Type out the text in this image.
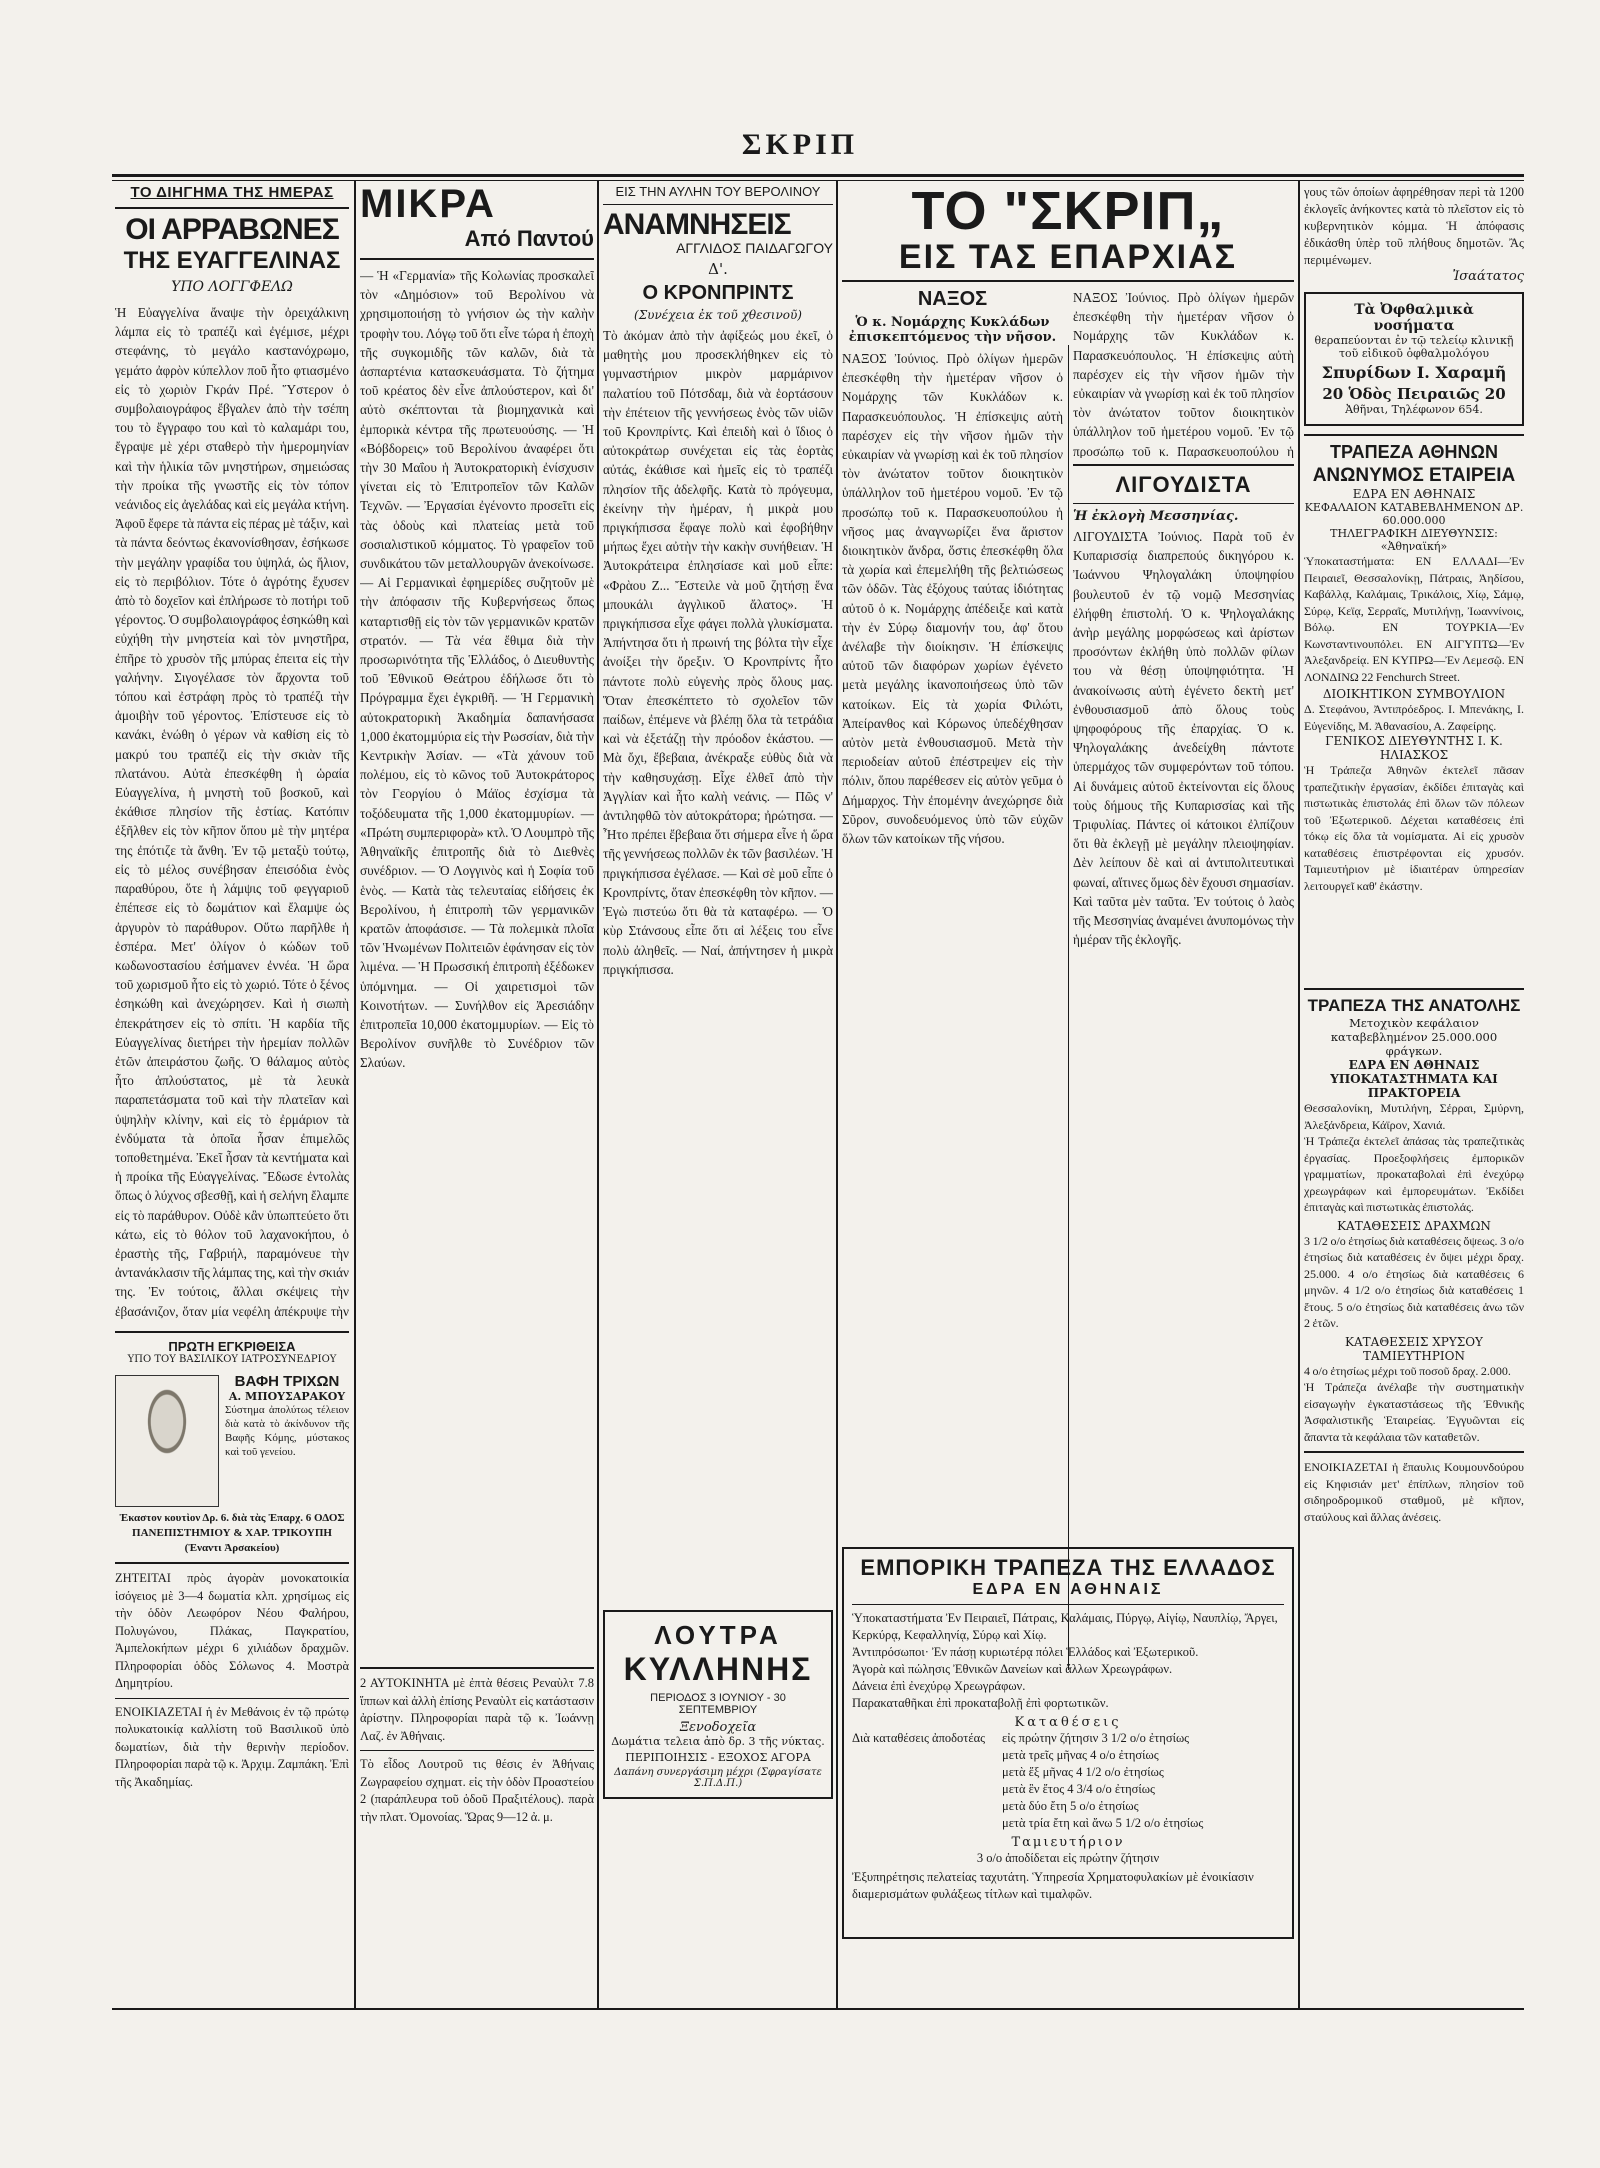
ΣΚΡΙΠ
ΤΟ ΔΙΗΓΗΜΑ ΤΗΣ ΗΜΕΡΑΣ
ΟΙ ΑΡΡΑΒΩΝΕΣ
ΤΗΣ ΕΥΑΓΓΕΛΙΝΑΣ
ΥΠΟ ΛΟΓΓΦΕΛΩ
Ἡ Εὐαγγελίνα ἄναψε τὴν ὀρειχάλκινη λάμπα εἰς τὸ τραπέζι καὶ ἐγέμισε, μέχρι στεφάνης, τὸ μεγάλο καστανόχρωμο, γεμάτο ἀφρὸν κύπελλον ποῦ ἦτο φτιασμένο εἰς τὸ χωριὸν Γκράν Πρέ. Ὕστερον ὁ συμβολαιογράφος ἔβγαλεν ἀπὸ τὴν τσέπη του τὸ ἔγγραφο του καὶ τὸ καλαμάρι του, ἔγραψε μὲ χέρι σταθερὸ τὴν ἡμερομηνίαν καὶ τὴν ἡλικία τῶν μνηστήρων, σημειώσας τὴν προίκα τῆς γνωστῆς εἰς τὸν τόπον νεάνιδος εἰς ἀγελάδας καὶ εἰς μεγάλα κτήνη. Ἀφοῦ ἔφερε τὰ πάντα εἰς πέρας μὲ τάξιν, καὶ τὰ πάντα δεόντως ἐκανονίσθησαν, ἐσήκωσε τὴν μεγάλην γραφίδα του ὑψηλά, ὡς ἥλιον, εἰς τὸ περιβόλιον. Τότε ὁ ἀγρότης ἔχυσεν ἀπὸ τὸ δοχεῖον καὶ ἐπλήρωσε τὸ ποτήρι τοῦ γέροντος. Ὁ συμβολαιογράφος ἐσηκώθη καὶ εὐχήθη τὴν μνηστεία καὶ τὸν μνηστῆρα, ἐπῆρε τὸ χρυσὸν τῆς μπύρας ἐπειτα εἰς τὴν γαλήνην. Σιγογέλασε τὸν ἄρχοντα τοῦ τόπου καὶ ἐστράφη πρὸς τὸ τραπέζι τὴν ἀμοιβὴν τοῦ γέροντος. Ἐπίστευσε εἰς τὸ κανάκι, ἑνώθη ὁ γέρων νὰ καθίση εἰς τὸ μακρύ του τραπέζι εἰς τὴν σκιὰν τῆς πλατάνου. Αὐτὰ ἐπεσκέφθη ἡ ὡραία Εὐαγγελίνα, ἡ μνηστὴ τοῦ βοσκοῦ, καὶ ἐκάθισε πλησίον τῆς ἑστίας. Κατόπιν ἐξῆλθεν εἰς τὸν κῆπον ὅπου μὲ τὴν μητέρα της ἐπότιζε τὰ ἄνθη. Ἐν τῷ μεταξὺ τούτῳ, εἰς τὸ μέλος συνέβησαν ἐπεισόδια ἑνὸς παραθύρου, ὅτε ἡ λάμψις τοῦ φεγγαριοῦ ἐπέπεσε εἰς τὸ δωμάτιον καὶ ἔλαμψε ὡς ἀργυρὸν τὸ παράθυρον. Οὕτω παρῆλθε ἡ ἑσπέρα. Μετ' ὀλίγον ὁ κώδων τοῦ κωδωνοστασίου ἐσήμανεν ἐννέα. Ἡ ὥρα τοῦ χωρισμοῦ ἦτο εἰς τὸ χωριό. Τότε ὁ ξένος ἐσηκώθη καὶ ἀνεχώρησεν. Καὶ ἡ σιωπὴ ἐπεκράτησεν εἰς τὸ σπίτι. Ἡ καρδία τῆς Εὐαγγελίνας διετήρει τὴν ἠρεμίαν πολλῶν ἐτῶν ἀπειράστου ζωῆς. Ὁ θάλαμος αὐτὸς ἦτο ἁπλούστατος, μὲ τὰ λευκὰ παραπετάσματα τοῦ καὶ τὴν πλατεῖαν καὶ ὑψηλὴν κλίνην, καὶ εἰς τὸ ἐρμάριον τὰ ἐνδύματα τὰ ὁποῖα ἦσαν ἐπιμελῶς τοποθετημένα. Ἐκεῖ ἦσαν τὰ κεντήματα καὶ ἡ προίκα τῆς Εὐαγγελίνας. Ἔδωσε ἐντολὰς ὅπως ὁ λύχνος σβεσθῇ, καὶ ἡ σελήνη ἔλαμπε εἰς τὸ παράθυρον. Οὐδὲ κἂν ὑπωπτεύετο ὅτι κάτω, εἰς τὸ θόλον τοῦ λαχανοκήπου, ὁ ἐραστὴς τῆς, Γαβριήλ, παραμόνευε τὴν ἀντανάκλασιν τῆς λάμπας της, καὶ τὴν σκιάν της. Ἐν τούτοις, ἄλλαι σκέψεις τὴν ἐβασάνιζον, ὅταν μία νεφέλη ἀπέκρυψε τὴν
ΠΡΩΤΗ ΕΓΚΡΙΘΕΙΣΑ
ΥΠΟ ΤΟΥ ΒΑΣΙΛΙΚΟΥ ΙΑΤΡΟΣΥΝΕΔΡΙΟΥ
ΒΑΦΗ ΤΡΙΧΩΝ
Α. ΜΠΟΥΣΑΡΑΚΟΥ
Σύστημα ἀπολύτως τέλειον διὰ κατὰ τὸ ἀκίνδυνον τῆς Βαφῆς Κόμης, μύστακος καὶ τοῦ γενείου.
Ἐκαστον κουτὶον Δρ. 6. διὰ τὰς Ἐπαρχ. 6 ΟΔΟΣ ΠΑΝΕΠΙΣΤΗΜΙΟΥ & ΧΑΡ. ΤΡΙΚΟΥΠΗ (Ἐναντι Ἀρσακείου)
ΖΗΤΕΙΤΑΙ πρὸς ἀγορὰν μονοκατοικία ἰσόγειος μὲ 3—4 δωματία κλπ. χρησίμως εἰς τὴν ὁδὸν Λεωφόρον Νέου Φαλήρου, Πολυγώνου, Πλάκας, Παγκρατίου, Ἀμπελοκήπων μέχρι 6 χιλιάδων δραχμῶν. Πληροφορίαι ὁδὸς Σόλωνος 4. Μοστρὰ Δημητρίου.
ΕΝΟΙΚΙΑΖΕΤΑΙ ἡ ἐν Μεθάνοις ἐν τῷ πρώτῳ πολυκατοικίᾳ καλλίστη τοῦ Βασιλικοῦ ὑπὸ δωματίων, διὰ τὴν θερινὴν περίοδον. Πληροφορίαι παρὰ τῷ κ. Ἀρχιμ. Ζαμπάκη. Ἐπὶ τῆς Ἀκαδημίας.
ΜΙΚΡΑ
Από Παντού
— Ἡ «Γερμανία» τῆς Κολωνίας προσκαλεῖ τὸν «Δημόσιον» τοῦ Βερολίνου νὰ χρησιμοποιήσῃ τὸ γνήσιον ὡς τὴν καλὴν τροφὴν του. Λόγῳ τοῦ ὅτι εἶνε τώρα ἡ ἐποχὴ τῆς συγκομιδῆς τῶν καλῶν, διὰ τὰ ἀσπαρτένια κατασκευάσματα. Τὸ ζήτημα τοῦ κρέατος δὲν εἶνε ἀπλούστερον, καὶ δι' αὐτὸ σκέπτονται τὰ βιομηχανικὰ καὶ ἐμπορικὰ κέντρα τῆς πρωτευούσης. — Ἡ «Βόβδορεις» τοῦ Βερολίνου ἀναφέρει ὅτι τὴν 30 Μαΐου ἡ Ἀυτοκρατορικὴ ἐνίσχυσιν γίνεται εἰς τὸ Ἐπιτροπεῖον τῶν Καλῶν Τεχνῶν. — Ἐργασίαι ἐγένοντο προσεῖτι εἰς τὰς ὁδοὺς καὶ πλατείας μετὰ τοῦ σοσιαλιστικοῦ κόμματος. Τὸ γραφεῖον τοῦ συνδικάτου τῶν μεταλλουργῶν ἀνεκοίνωσε. — Αἱ Γερμανικαὶ ἐφημερίδες συζητοῦν μὲ τὴν ἀπόφασιν τῆς Κυβερνήσεως ὅπως καταρτισθῇ εἰς τὸν τῶν γερμανικῶν κρατῶν στρατόν. — Τὰ νέα ἔθιμα διὰ τὴν προσωρινότητα τῆς Ἑλλάδος, ὁ Διευθυντὴς τοῦ Ἐθνικοῦ Θεάτρου ἐδήλωσε ὅτι τὸ Πρόγραμμα ἔχει ἐγκριθῆ. — Ἡ Γερμανικὴ αὐτοκρατορικὴ Ἀκαδημία δαπανήσασα 1,000 ἐκατομμύρια εἰς τὴν Ρωσσίαν, διὰ τὴν Κεντρικὴν Ἀσίαν. — «Τὰ χάνουν τοῦ πολέμου, εἰς τὸ κῶνος τοῦ Ἀυτοκράτορος τὸν Γεοργίου ὁ Μάϊος ἐσχίσμα τὰ τοξόδευματα τῆς 1,000 ἐκατομμυρίων. — «Πρώτη συμπεριφορὰ» κτλ. Ὁ Λουμπρὸ τῆς Ἀθηναϊκῆς ἐπιτροπῆς διὰ τὸ Διεθνὲς συνέδριον. — Ὁ Λογγινὸς καὶ ἡ Σοφία τοῦ ἑνὸς. — Κατὰ τὰς τελευταίας εἰδήσεις ἐκ Βερολίνου, ἡ ἐπιτροπὴ τῶν γερμανικῶν κρατῶν ἀποφάσισε. — Τὰ πολεμικὰ πλοῖα τῶν Ἡνωμένων Πολιτειῶν ἐφάνησαν εἰς τὸν λιμένα. — Ἡ Πρωσσική ἐπιτροπὴ ἐξέδωκεν ὑπόμνημα. — Οἱ χαιρετισμοὶ τῶν Κοινοτήτων. — Συνήλθον εἰς Ἀρεσιάδην ἐπιτροπεῖα 10,000 ἐκατομμυρίων. — Εἰς τὸ Βερολίνον συνῆλθε τὸ Συνέδριον τῶν Σλαύων.
2 ΑΥΤΟΚΙΝΗΤΑ μὲ ἐπτὰ θέσεις Ρεναὺλτ 7.8 ἵππων καὶ ἀλλὴ ἐπίσης Ρεναὺλτ εἰς κατάστασιν ἀρίστην. Πληροφορίαι παρὰ τῷ κ. Ἰωάννῃ Λαζ. ἐν Ἀθήναις.
Τὸ εἶδος Λουτροῦ τις θέσις ἐν Ἀθήναις Ζωγραφείου σχηματ. εἰς τὴν ὁδὸν Προαστείου 2 (παράπλευρα τοῦ ὁδοῦ Πραξιτέλους). παρὰ τὴν πλατ. Ὁμονοίας. Ὥρας 9—12 ἀ. μ.
ΕΙΣ ΤΗΝ ΑΥΛΗΝ ΤΟΥ ΒΕΡΟΛΙΝΟΥ
ΑΝΑΜΝΗΣΕΙΣ
ΑΓΓΛΙΔΟΣ ΠΑΙΔΑΓΩΓΟΥ
Δ'.
Ο ΚΡΟΝΠΡΙΝΤΣ
(Συνέχεια ἐκ τοῦ χθεσινοῦ)
Τὸ ἀκόμαν ἀπὸ τὴν ἀφίξεώς μου ἐκεῖ, ὁ μαθητὴς μου προσεκλήθηκεν εἰς τὸ γυμναστήριον μικρὸν μαρμάρινον παλατίου τοῦ Πότσδαμ, διὰ νὰ ἑορτάσουν τὴν ἐπέτειον τῆς γεννήσεως ἑνὸς τῶν υἱῶν τοῦ Κρονπρίντς. Καὶ ἐπειδὴ καὶ ὁ ἴδιος ὁ αὐτοκράτωρ συνέχεται εἰς τὰς ἑορτὰς αὐτάς, ἐκάθισε καὶ ἡμεῖς εἰς τὸ τραπέζι πλησίον τῆς ἀδελφῆς. Κατὰ τὸ πρόγευμα, ἐκείνην τὴν ἡμέραν, ἡ μικρὰ μου πριγκήπισσα ἔφαγε πολὺ καὶ ἐφοβήθην μήπως ἔχει αὐτὴν τὴν κακὴν συνήθειαν. Ἡ Ἀυτοκράτειρα ἐπλησίασε καὶ μοῦ εἶπε: «Φρὰου Ζ... Ἔστειλε νὰ μοῦ ζητήσῃ ἕνα μπουκάλι ἀγγλικοῦ ἄλατος». Ἡ πριγκήπισσα εἶχε φάγει πολλὰ γλυκίσματα. Ἀπήντησα ὅτι ἡ πρωινή της βόλτα τὴν εἶχε ἀνοίξει τὴν ὄρεξιν. Ὁ Κρονπρίντς ἦτο πάντοτε πολὺ εὐγενὴς πρὸς ὅλους μας. Ὅταν ἐπεσκέπτετο τὸ σχολεῖον τῶν παίδων, ἐπέμενε νὰ βλέπῃ ὅλα τὰ τετράδια καὶ νὰ ἐξετάζῃ τὴν πρόοδον ἑκάστου. — Μὰ ὄχι, ἔβεβαια, ἀνέκραξε εὐθὺς διὰ νὰ τὴν καθησυχάσῃ. Εἶχε ἐλθεῖ ἀπὸ τὴν Ἀγγλίαν καὶ ἦτο καλὴ νεάνις. — Πῶς ν' ἀντιληφθῶ τὸν αὐτοκράτορα; ἠρώτησα. — Ἦτο πρέπει ἔβεβαια ὅτι σήμερα εἶνε ἡ ὥρα τῆς γεννήσεως πολλῶν ἐκ τῶν βασιλέων. Ἡ πριγκήπισσα ἐγέλασε. — Καὶ σὲ μοῦ εἶπε ὁ Κρονπρίντς, ὅταν ἐπεσκέφθη τὸν κῆπον. — Ἐγὼ πιστεύω ὅτι θὰ τὰ καταφέρω. — Ὁ κὺρ Στάνσους εἶπε ὅτι αἱ λέξεις του εἶνε πολὺ ἀληθεῖς. — Ναί, ἀπήντησεν ἡ μικρὰ πριγκήπισσα.
ΛΟΥΤΡΑ
ΚΥΛΛΗΝΗΣ
ΠΕΡΙΟΔΟΣ 3 ΙΟΥΝΙΟΥ - 30 ΣΕΠΤΕΜΒΡΙΟΥ
Ξενοδοχεῖα
Δωμάτια τελεια ἀπὸ δρ. 3 τῆς νύκτας.
ΠΕΡΙΠΟΙΗΣΙΣ - ΕΞΟΧΟΣ ΑΓΟΡΑ
Δαπάνη συνεργάσιμη μέχρι (Σφραγίσατε Σ.Π.Δ.Π.)
ΤΟ "ΣΚΡΙΠ„
ΕΙΣ ΤΑΣ ΕΠΑΡΧΙΑΣ
ΝΑΞΟΣ
Ὁ κ. Νομάρχης Κυκλάδων ἐπισκεπτόμενος τὴν νῆσον.
ΝΑΞΟΣ Ἰούνιος. Πρὸ ὀλίγων ἡμερῶν ἐπεσκέφθη τὴν ἡμετέραν νῆσον ὁ Νομάρχης τῶν Κυκλάδων κ. Παρασκευόπουλος. Ἡ ἐπίσκεψις αὐτὴ παρέσχεν εἰς τὴν νῆσον ἡμῶν τὴν εὐκαιρίαν νὰ γνωρίσῃ καὶ ἐκ τοῦ πλησίον τὸν ἀνώτατον τοῦτον διοικητικὸν ὑπάλληλον τοῦ ἡμετέρου νομοῦ. Ἐν τῷ προσώπῳ τοῦ κ. Παρασκευοπούλου ἡ νῆσος μας ἀναγνωρίζει ἕνα ἄριστον διοικητικὸν ἄνδρα, ὅστις ἐπεσκέφθη ὅλα τὰ χωρία καὶ ἐπεμελήθη τῆς βελτιώσεως τῶν ὁδῶν. Τὰς ἐξόχους ταύτας ἰδιότητας αὐτοῦ ὁ κ. Νομάρχης ἀπέδειξε καὶ κατὰ τὴν ἐν Σύρῳ διαμονήν του, ἀφ' ὅτου ἀνέλαβε τὴν διοίκησιν. Ἡ ἐπίσκεψις αὐτοῦ τῶν διαφόρων χωρίων ἐγένετο μετὰ μεγάλης ἱκανοποιήσεως ὑπὸ τῶν κατοίκων. Εἰς τὰ χωρία Φιλώτι, Ἀπείρανθος καὶ Κόρωνος ὑπεδέχθησαν αὐτὸν μετὰ ἐνθουσιασμοῦ. Μετὰ τὴν περιοδείαν αὐτοῦ ἐπέστρεψεν εἰς τὴν πόλιν, ὅπου παρέθεσεν εἰς αὐτὸν γεῦμα ὁ Δήμαρχος. Τὴν ἐπομένην ἀνεχώρησε διὰ Σῦρον, συνοδευόμενος ὑπὸ τῶν εὐχῶν ὅλων τῶν κατοίκων τῆς νήσου.
ΝΑΞΟΣ Ἰούνιος. Πρὸ ὀλίγων ἡμερῶν ἐπεσκέφθη τὴν ἡμετέραν νῆσον ὁ Νομάρχης τῶν Κυκλάδων κ. Παρασκευόπουλος. Ἡ ἐπίσκεψις αὐτὴ παρέσχεν εἰς τὴν νῆσον ἡμῶν τὴν εὐκαιρίαν νὰ γνωρίσῃ καὶ ἐκ τοῦ πλησίον τὸν ἀνώτατον τοῦτον διοικητικὸν ὑπάλληλον τοῦ ἡμετέρου νομοῦ. Ἐν τῷ προσώπῳ τοῦ κ. Παρασκευοπούλου ἡ
ΛΙΓΟΥΔΙΣΤΑ
Ἡ ἐκλογὴ Μεσσηνίας.
ΛΙΓΟΥΔΙΣΤΑ Ἰούνιος. Παρὰ τοῦ ἐν Κυπαρισσίᾳ διαπρεπούς δικηγόρου κ. Ἰωάννου Ψηλογαλάκη ὑποψηφίου βουλευτοῦ ἐν τῷ νομῷ Μεσσηνίας ἐλήφθη ἐπιστολή. Ὁ κ. Ψηλογαλάκης ἀνὴρ μεγάλης μορφώσεως καὶ ἀρίστων προσόντων ἐκλήθη ὑπὸ πολλῶν φίλων του νὰ θέσῃ ὑποψηφιότητα. Ἡ ἀνακοίνωσις αὐτὴ ἐγένετο δεκτὴ μετ' ἐνθουσιασμοῦ ἀπὸ ὅλους τοὺς ψηφοφόρους τῆς ἐπαρχίας. Ὁ κ. Ψηλογαλάκης ἀνεδείχθη πάντοτε ὑπερμάχος τῶν συμφερόντων τοῦ τόπου. Αἱ δυνάμεις αὐτοῦ ἐκτείνονται εἰς ὅλους τοὺς δήμους τῆς Κυπαρισσίας καὶ τῆς Τριφυλίας. Πάντες οἱ κάτοικοι ἐλπίζουν ὅτι θὰ ἐκλεγῇ μὲ μεγάλην πλειοψηφίαν. Δὲν λείπουν δὲ καὶ αἱ ἀντιπολιτευτικαὶ φωναί, αἵτινες ὅμως δὲν ἔχουσι σημασίαν. Καὶ ταῦτα μὲν ταῦτα. Ἐν τούτοις ὁ λαὸς τῆς Μεσσηνίας ἀναμένει ἀνυπομόνως τὴν ἡμέραν τῆς ἐκλογῆς.
ΕΜΠΟΡΙΚΗ ΤΡΑΠΕΖΑ ΤΗΣ ΕΛΛΑΔΟΣ
ΕΔΡΑ ΕΝ ΑΘΗΝΑΙΣ
Ὑποκαταστήματα Ἐν Πειραιεῖ, Πάτραις, Καλάμαις, Πύργῳ, Αἰγίῳ, Ναυπλίῳ, Ἄργει, Κερκύρᾳ, Κεφαλληνίᾳ, Σύρῳ καὶ Χίῳ.
Ἀντιπρόσωποι· Ἐν πάσῃ κυριωτέρᾳ πόλει Ἑλλάδος καὶ Ἐξωτερικοῦ.
Ἀγορὰ καὶ πώλησις Ἐθνικῶν Δανείων καὶ ἄλλων Χρεωγράφων.
Δάνεια ἐπὶ ἐνεχύρῳ Χρεωγράφων.
Παρακαταθῆκαι ἐπὶ προκαταβολῇ ἐπὶ φορτωτικῶν.
Καταθέσεις
Διὰ καταθέσεις ἀποδοτέας	εἰς πρώτην ζήτησιν 3 1/2 ο/ο ἐτησίως
μετὰ τρεῖς μῆνας 4 ο/ο ἐτησίως
μετὰ ἕξ μῆνας 4 1/2 ο/ο ἐτησίως
μετὰ ἓν ἔτος 4 3/4 ο/ο ἐτησίως
μετὰ δύο ἔτη 5 ο/ο ἐτησίως
μετὰ τρία ἔτη καὶ ἄνω 5 1/2 ο/ο ἐτησίως
Ταμιευτήριον
3 ο/ο ἀποδίδεται εἰς πρώτην ζήτησιν
Ἐξυπηρέτησις πελατείας ταχυτάτη. Ὑπηρεσία Χρηματοφυλακίων μὲ ἐνοικίασιν διαμερισμάτων φυλάξεως τίτλων καὶ τιμαλφῶν.
γους τῶν ὁποίων ἀφηρέθησαν περὶ τὰ 1200 ἐκλογεῖς ἀνήκοντες κατὰ τὸ πλεῖστον εἰς τὸ κυβερνητικὸν κόμμα. Ἡ ἀπόφασις ἐδικάσθη ὑπὲρ τοῦ πλήθους δημοτῶν. Ἂς περιμένωμεν.
Ἰσαάτατος
Τὰ Ὀφθαλμικὰ νοσήματα
θεραπεύονται ἐν τῷ τελείῳ κλινικῇ τοῦ εἰδικοῦ ὀφθαλμολόγου
Σπυρίδων Ι. Χαραμῆ
20 Ὁδὸς Πειραιῶς 20
Ἀθῆναι, Τηλέφωνον 654.
ΤΡΑΠΕΖΑ ΑΘΗΝΩΝ
ΑΝΩΝΥΜΟΣ ΕΤΑΙΡΕΙΑ
ΕΔΡΑ ΕΝ ΑΘΗΝΑΙΣ
ΚΕΦΑΛΑΙΟΝ ΚΑΤΑΒΕΒΛΗΜΕΝΟΝ ΔΡ. 60.000.000
ΤΗΛΕΓΡΑΦΙΚΗ ΔΙΕΥΘΥΝΣΙΣ: «Ἀθηναϊκή»
Ὑποκαταστήματα: ΕΝ ΕΛΛΑΔΙ—Ἐν Πειραιεῖ, Θεσσαλονίκῃ, Πάτραις, Ἀηδίσου, Καβάλλᾳ, Καλάμαις, Τρικάλοις, Χίῳ, Σάμῳ, Σύρῳ, Κεϊᾳ, Σερραῖς, Μυτιλήνῃ, Ἰωαννίνοις, Βόλῳ. ΕΝ ΤΟΥΡΚΙΑ—Ἐν Κωνσταντινουπόλει. ΕΝ ΑΙΓΥΠΤΩ—Ἐν Ἀλεξανδρείᾳ. ΕΝ ΚΥΠΡΩ—Ἐν Λεμεσῷ. ΕΝ ΛΟΝΔΙΝΩ 22 Fenchurch Street.
ΔΙΟΙΚΗΤΙΚΟΝ ΣΥΜΒΟΥΛΙΟΝ
Δ. Στεφάνου, Ἀντιπρόεδρος. Ι. Μπενάκης, Ι. Εὐγενίδης, Μ. Ἀθανασίου, Α. Ζαφείρης.
ΓΕΝΙΚΟΣ ΔΙΕΥΘΥΝΤΗΣ Ι. Κ. ΗΛΙΑΣΚΟΣ
Ἡ Τράπεζα Ἀθηνῶν ἐκτελεῖ πᾶσαν τραπεζιτικὴν ἐργασίαν, ἐκδίδει ἐπιταγὰς καὶ πιστωτικὰς ἐπιστολάς ἐπὶ ὅλων τῶν πόλεων τοῦ Ἐξωτερικοῦ. Δέχεται καταθέσεις ἐπὶ τόκῳ εἰς ὅλα τὰ νομίσματα. Αἱ εἰς χρυσὸν καταθέσεις ἐπιστρέφονται εἰς χρυσόν. Ταμιευτήριον μὲ ἰδιαιτέραν ὑπηρεσίαν λειτουργεῖ καθ' ἑκάστην.
ΤΡΑΠΕΖΑ ΤΗΣ ΑΝΑΤΟΛΗΣ
Μετοχικὸν κεφάλαιον καταβεβλημένον 25.000.000 φράγκων.
ΕΔΡΑ ΕΝ ΑΘΗΝΑΙΣ
ΥΠΟΚΑΤΑΣΤΗΜΑΤΑ ΚΑΙ ΠΡΑΚΤΟΡΕΙΑ
Θεσσαλονίκη, Μυτιλήνη, Σέρραι, Σμύρνη, Ἀλεξάνδρεια, Κάϊρον, Χανιά.
Ἡ Τράπεζα ἐκτελεῖ ἁπάσας τὰς τραπεζιτικὰς ἐργασίας. Προεξοφλήσεις ἐμπορικῶν γραμματίων, προκαταβολαὶ ἐπὶ ἐνεχύρῳ χρεωγράφων καὶ ἐμπορευμάτων. Ἐκδίδει ἐπιταγὰς καὶ πιστωτικὰς ἐπιστολάς.
ΚΑΤΑΘΕΣΕΙΣ ΔΡΑΧΜΩΝ
3 1/2 ο/ο ἐτησίως διὰ καταθέσεις ὄψεως. 3 ο/ο ἐτησίως διὰ καταθέσεις ἐν ὄψει μέχρι δραχ. 25.000. 4 ο/ο ἐτησίως διὰ καταθέσεις 6 μηνῶν. 4 1/2 ο/ο ἐτησίως διὰ καταθέσεις 1 ἔτους. 5 ο/ο ἐτησίως διὰ καταθέσεις ἀνω τῶν 2 ἐτῶν.
ΚΑΤΑΘΕΣΕΙΣ ΧΡΥΣΟΥ
ΤΑΜΙΕΥΤΗΡΙΟΝ
4 ο/ο ἐτησίως μέχρι τοῦ ποσοῦ δραχ. 2.000.
Ἡ Τράπεζα ἀνέλαβε τὴν συστηματικὴν εἰσαγωγὴν ἐγκαταστάσεως τῆς Ἐθνικῆς Ἀσφαλιστικῆς Ἑταιρείας. Ἐγγυῶνται εἰς ἅπαντα τὰ κεφάλαια τῶν καταθετῶν.
ΕΝΟΙΚΙΑΖΕΤΑΙ ἡ ἔπαυλις Κουμουνδούρου εἰς Κηφισιάν μετ' ἐπίπλων, πλησίον τοῦ σιδηροδρομικοῦ σταθμοῦ, μὲ κῆπον, σταύλους καὶ ἄλλας ἀνέσεις.
